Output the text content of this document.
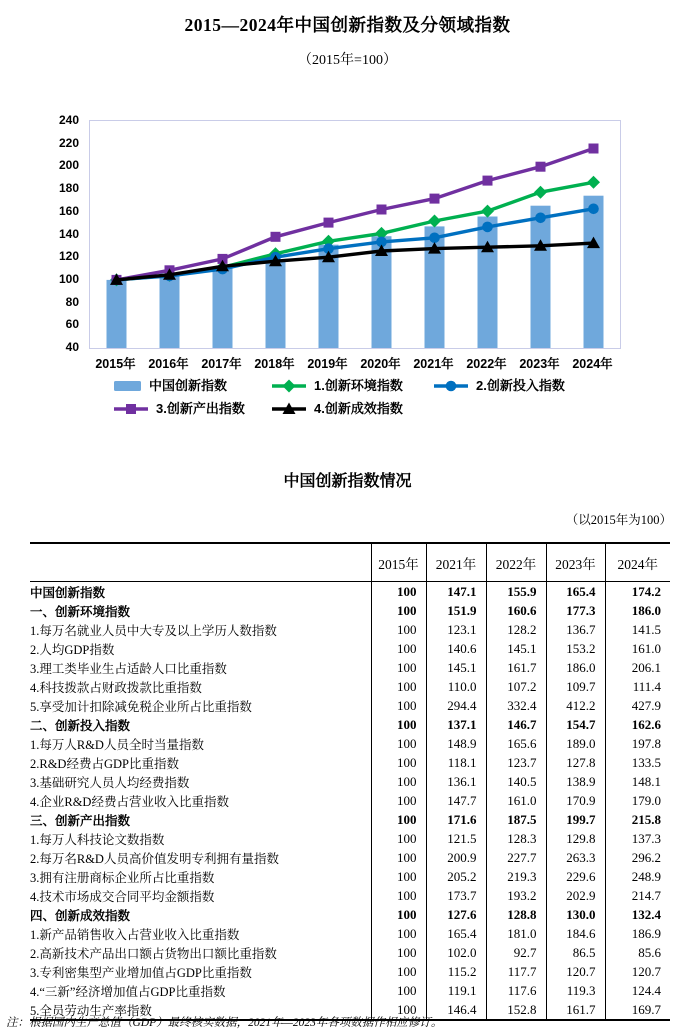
2015—2024年中国创新指数及分领域指数
（2015年=100）
240
220
200
180
160
140
120
100
80
60
40
2015年	2016年	2017年	2018年	2019年	2020年	2021年	2022年	2023年	2024年
中国创新指数	1.创新环境指数	2.创新投入指数
3.创新产出指数	4.创新成效指数
中国创新指数情况
（以2015年为100）
	2015年	2021年	2022年	2023年	2024年
中国创新指数	100	147.1	155.9	165.4	174.2
一、创新环境指数	100	151.9	160.6	177.3	186.0
1.每万名就业人员中大专及以上学历人数指数	100	123.1	128.2	136.7	141.5
2.人均GDP指数	100	140.6	145.1	153.2	161.0
3.理工类毕业生占适龄人口比重指数	100	145.1	161.7	186.0	206.1
4.科技拨款占财政拨款比重指数	100	110.0	107.2	109.7	111.4
5.享受加计扣除减免税企业所占比重指数	100	294.4	332.4	412.2	427.9
二、创新投入指数	100	137.1	146.7	154.7	162.6
1.每万人R&D人员全时当量指数	100	148.9	165.6	189.0	197.8
2.R&D经费占GDP比重指数	100	118.1	123.7	127.8	133.5
3.基础研究人员人均经费指数	100	136.1	140.5	138.9	148.1
4.企业R&D经费占营业收入比重指数	100	147.7	161.0	170.9	179.0
三、创新产出指数	100	171.6	187.5	199.7	215.8
1.每万人科技论文数指数	100	121.5	128.3	129.8	137.3
2.每万名R&D人员高价值发明专利拥有量指数	100	200.9	227.7	263.3	296.2
3.拥有注册商标企业所占比重指数	100	205.2	219.3	229.6	248.9
4.技术市场成交合同平均金额指数	100	173.7	193.2	202.9	214.7
四、创新成效指数	100	127.6	128.8	130.0	132.4
1.新产品销售收入占营业收入比重指数	100	165.4	181.0	184.6	186.9
2.高新技术产品出口额占货物出口额比重指数	100	102.0	92.7	86.5	85.6
3.专利密集型产业增加值占GDP比重指数	100	115.2	117.7	120.7	120.7
4.“三新”经济增加值占GDP比重指数	100	119.1	117.6	119.3	124.4
5.全员劳动生产率指数	100	146.4	152.8	161.7	169.7
注：根据国内生产总值（GDP）最终核实数据，2021年—2023年各项数据作相应修订。
